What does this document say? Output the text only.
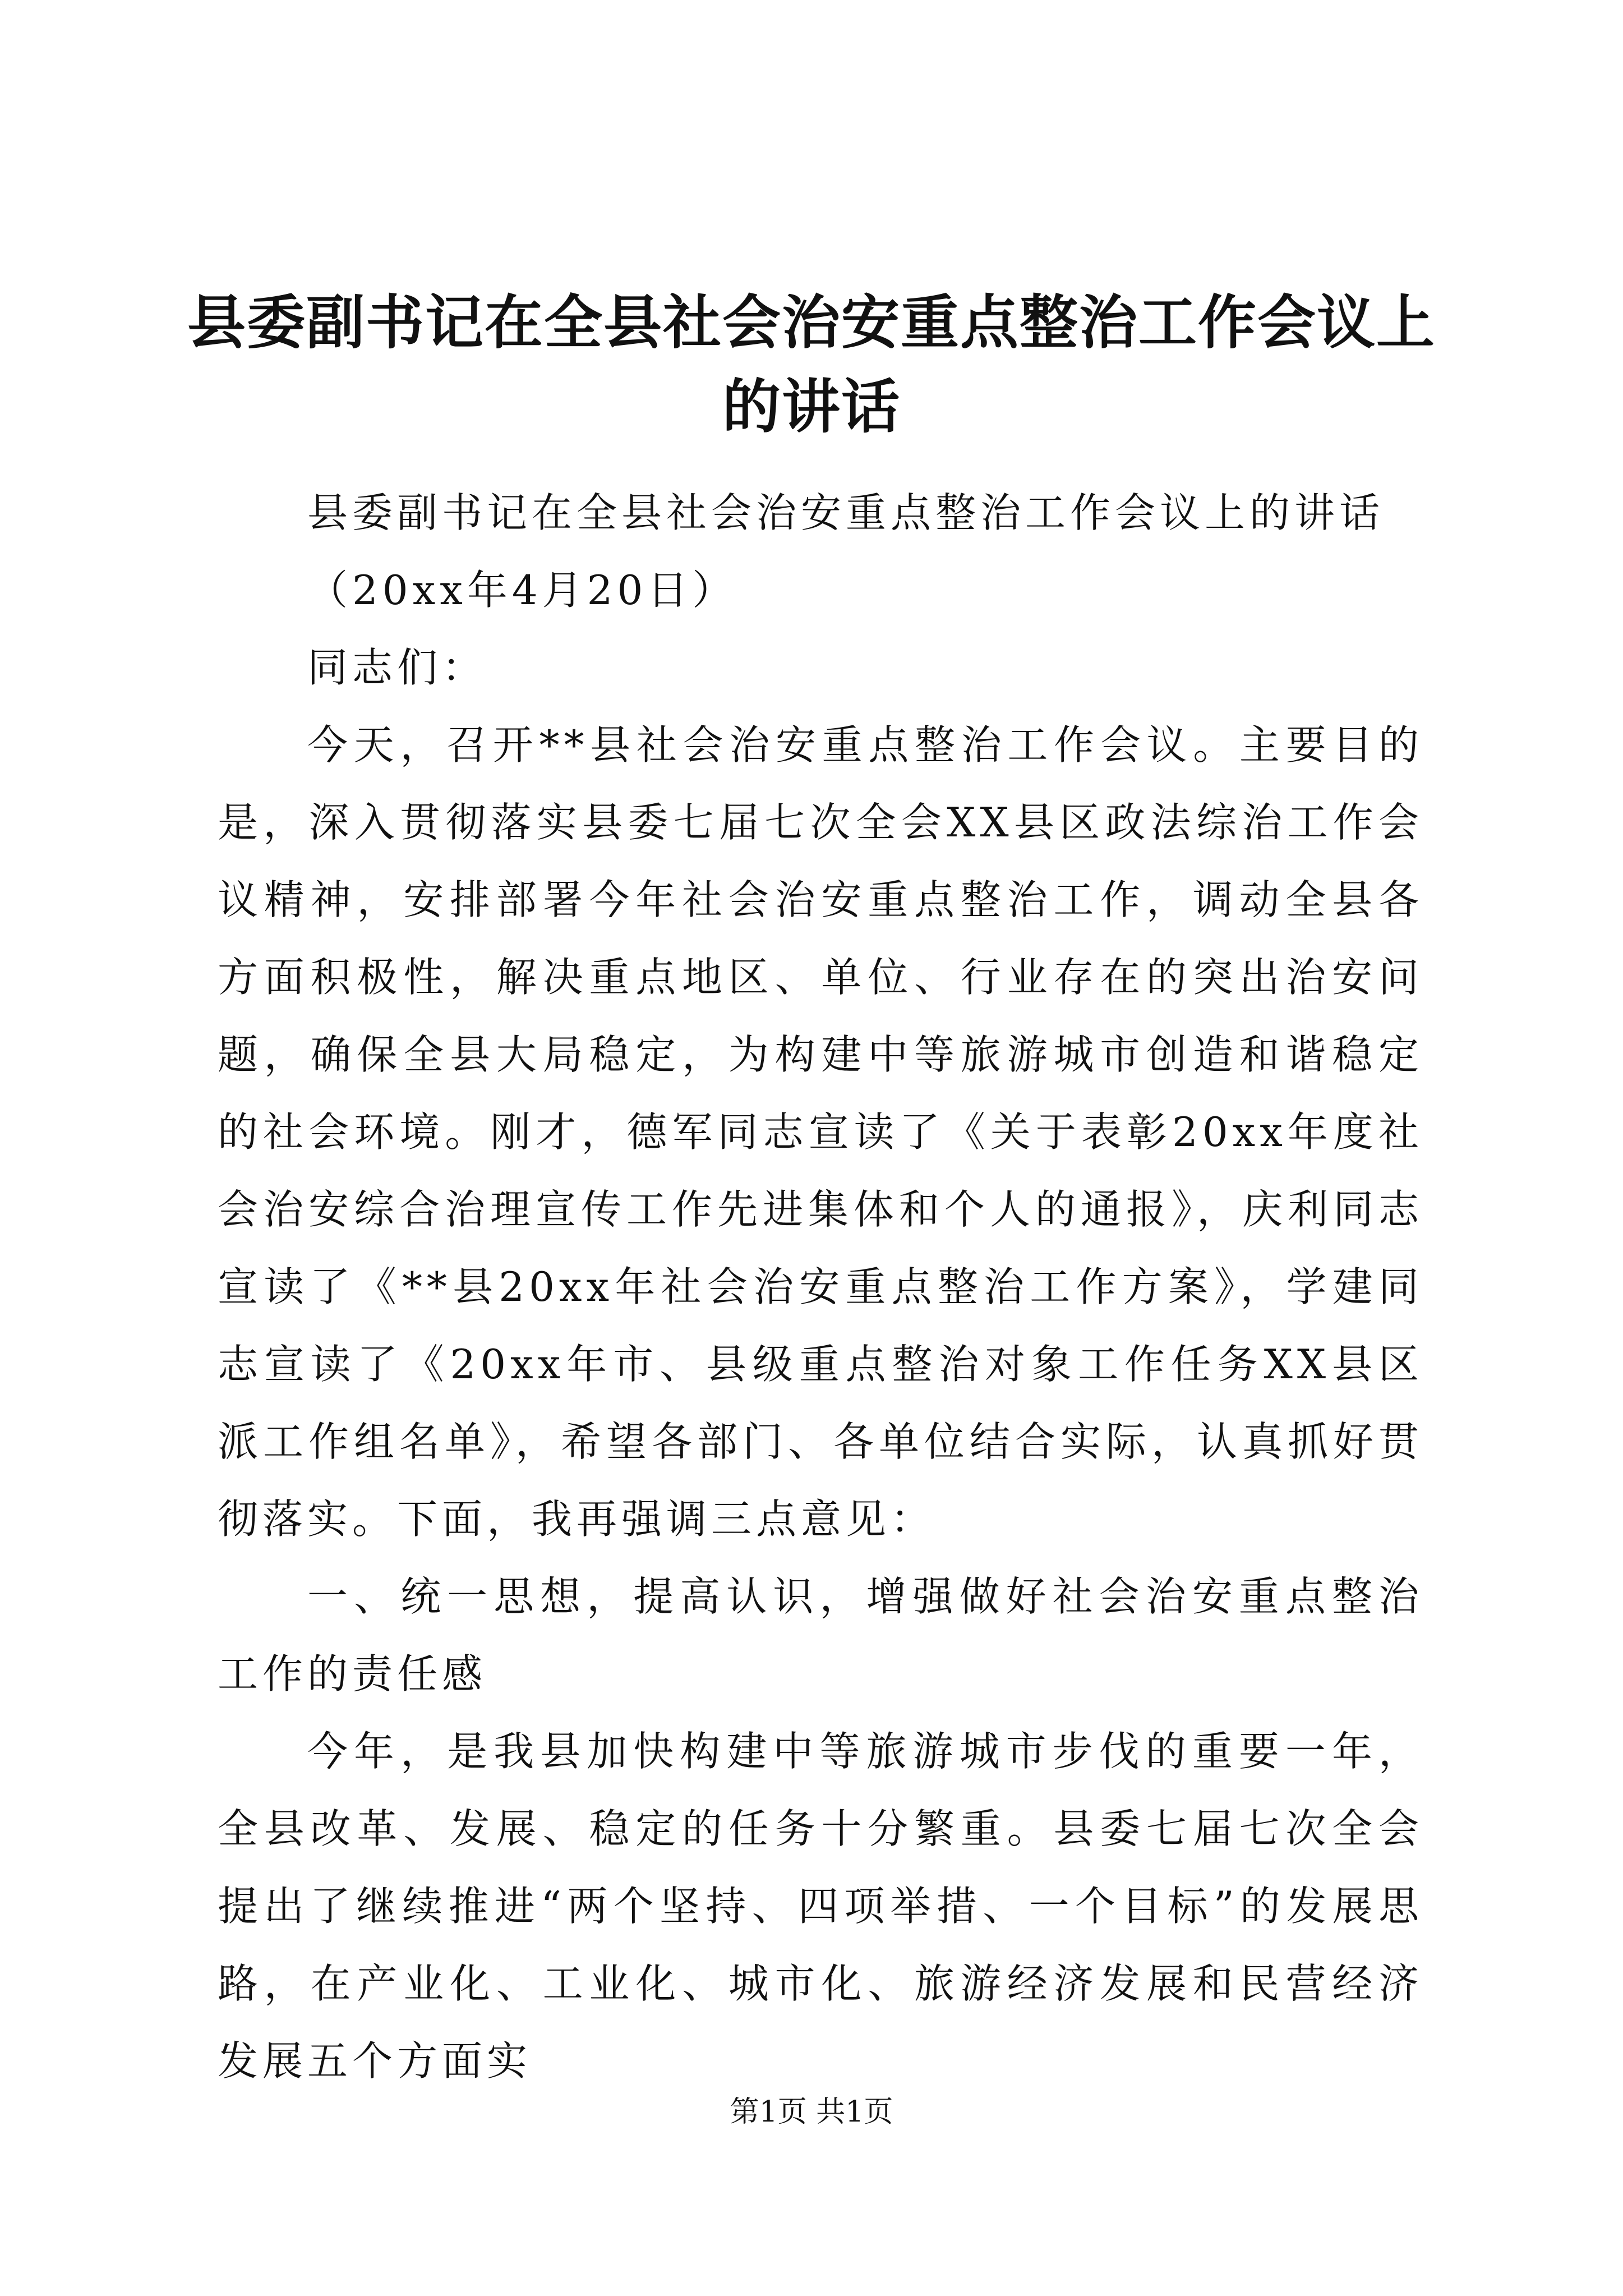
县委副书记在全县社会治安重点整治工作会议上的讲话

县委副书记在全县社会治安重点整治工作会议上的讲话

（20xx年4月20日）

同志们：

今天，召开**县社会治安重点整治工作会议。主要目的是，深入贯彻落实县委七届七次全会XX县区政法综治工作会议精神，安排部署今年社会治安重点整治工作，调动全县各方面积极性，解决重点地区、单位、行业存在的突出治安问题，确保全县大局稳定，为构建中等旅游城市创造和谐稳定的社会环境。刚才，德军同志宣读了《关于表彰20xx年度社会治安综合治理宣传工作先进集体和个人的通报》，庆利同志宣读了《**县20xx年社会治安重点整治工作方案》，学建同志宣读了《20xx年市、县级重点整治对象工作任务XX县区派工作组名单》，希望各部门、各单位结合实际，认真抓好贯彻落实。下面，我再强调三点意见：

一、统一思想，提高认识，增强做好社会治安重点整治工作的责任感

今年，是我县加快构建中等旅游城市步伐的重要一年，全县改革、发展、稳定的任务十分繁重。县委七届七次全会提出了继续推进“两个坚持、四项举措、一个目标”的发展思路，在产业化、工业化、城市化、旅游经济发展和民营经济发展五个方面实

第1页 共1页
